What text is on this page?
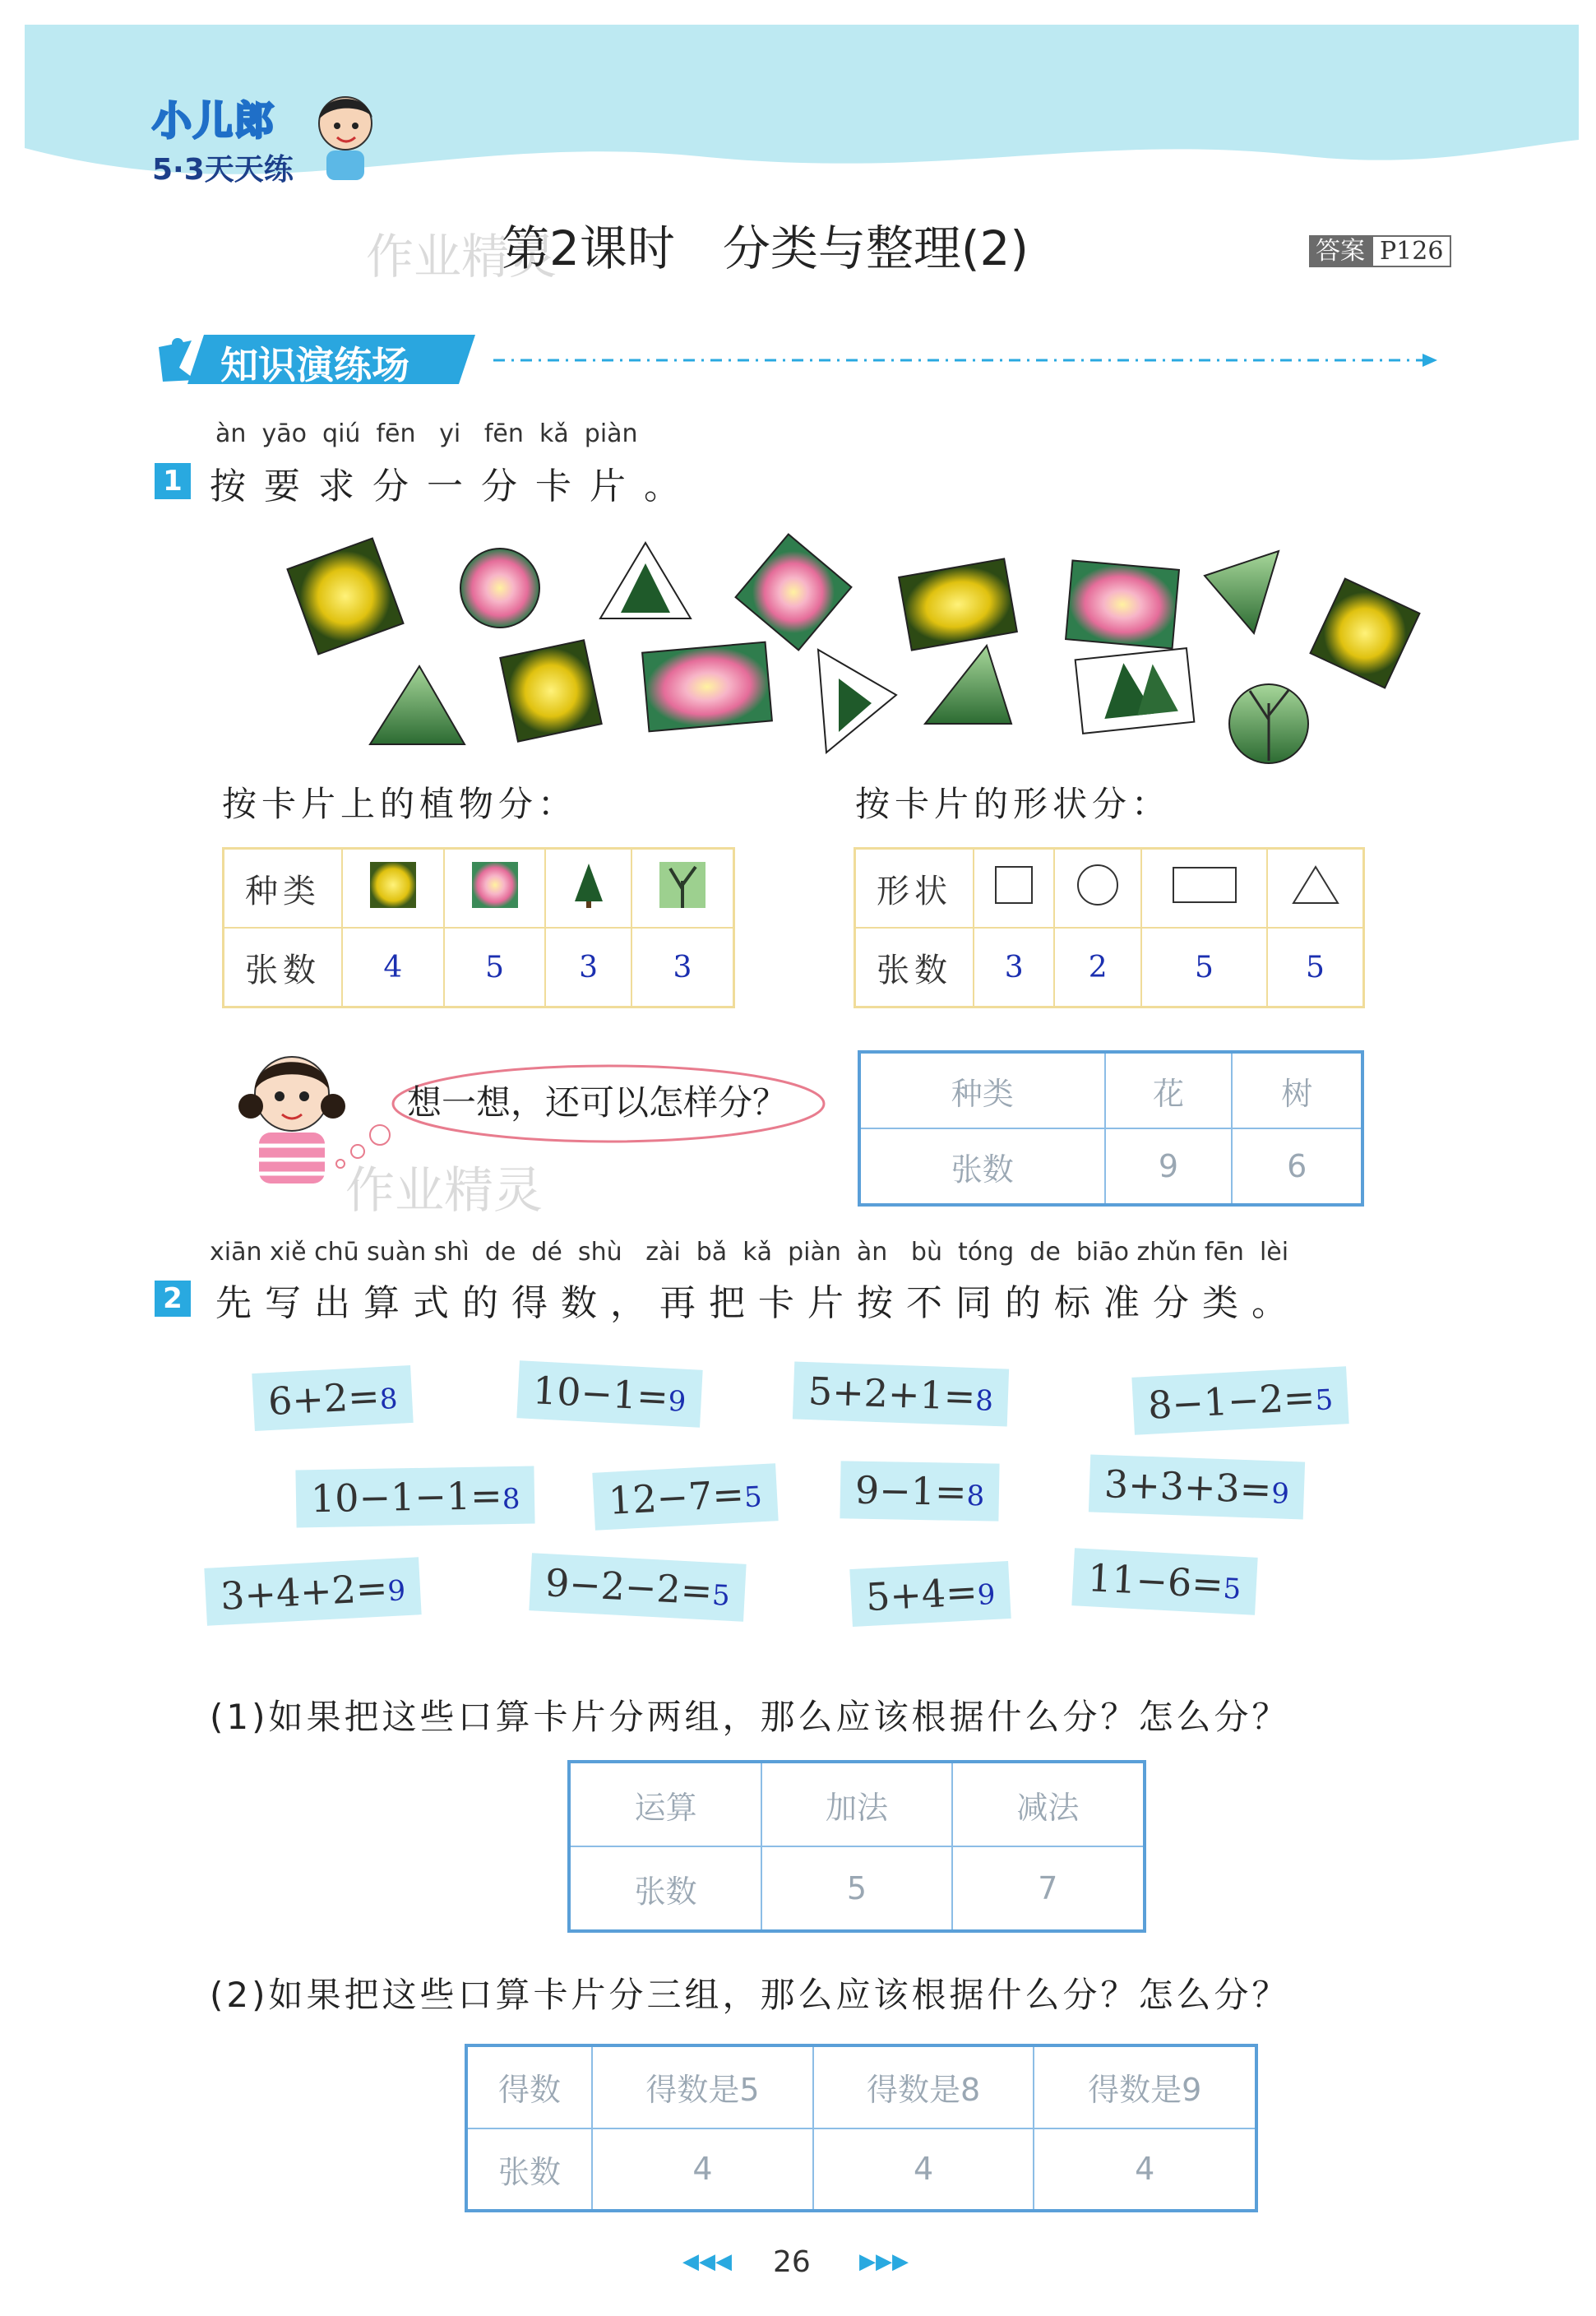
小儿郎
5·3天天练
作业精灵
第2课时　分类与整理(2)	答案 P126
知识演练场
àn  yāo  qiú  fēn   yi   fēn  kǎ  piàn
1 按要求分一分卡片。
按卡片上的植物分：	按卡片的形状分：
种类				
张数	4	5	3	3
形状				
张数	3	2	5	5
想一想，还可以怎样分？
作业精灵
种类	花	树
张数	9	6
xiān xiě chū suàn shì  de  dé  shù   zài  bǎ  kǎ  piàn  àn   bù  tóng  de  biāo zhǔn fēn  lèi
2 先写出算式的得数，再把卡片按不同的标准分类。
6+2=8	10−1=9	5+2+1=8	8−1−2=5
10−1−1=8	12−7=5	9−1=8	3+3+3=9
3+4+2=9	9−2−2=5	5+4=9	11−6=5
(1)如果把这些口算卡片分两组，那么应该根据什么分？怎么分？
运算	加法	减法
张数	5	7
(2)如果把这些口算卡片分三组，那么应该根据什么分？怎么分？
得数	得数是5	得数是8	得数是9
张数	4	4	4
◀◀◀ 26 ▶▶▶
